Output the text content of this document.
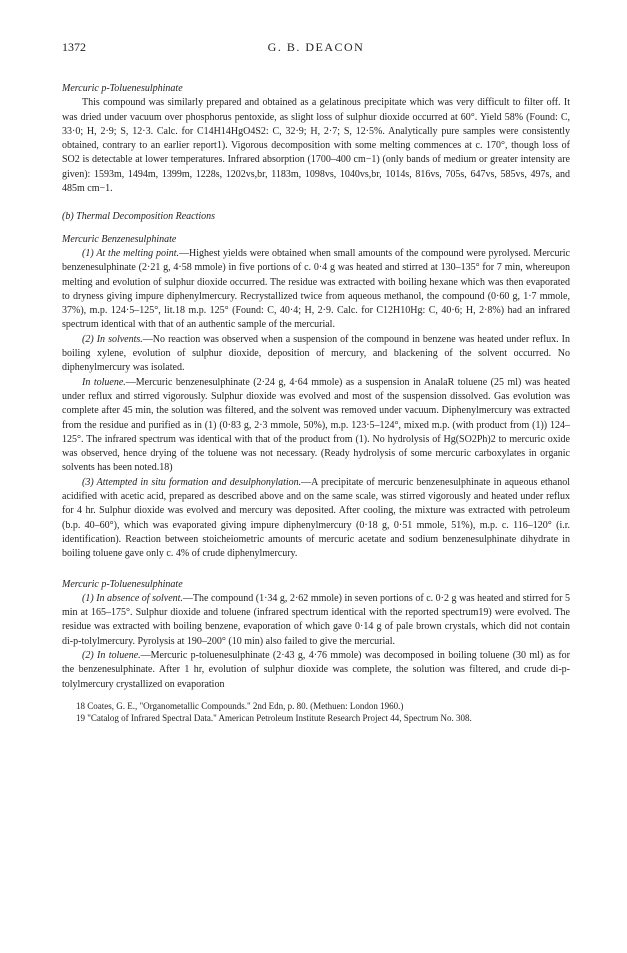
1372	G. B. DEACON

Mercuric p-Toluenesulphinate

This compound was similarly prepared and obtained as a gelatinous precipitate which was very difficult to filter off. It was dried under vacuum over phosphorus pentoxide, as slight loss of sulphur dioxide occurred at 60°. Yield 58% (Found: C, 33·0; H, 2·9; S, 12·3. Calc. for C14H14HgO4S2: C, 32·9; H, 2·7; S, 12·5%. Analytically pure samples were consistently obtained, contrary to an earlier report1). Vigorous decomposition with some melting commences at c. 170°, though loss of SO2 is detectable at lower temperatures. Infrared absorption (1700–400 cm−1) (only bands of medium or greater intensity are given): 1593m, 1494m, 1399m, 1228s, 1202vs,br, 1183m, 1098vs, 1040vs,br, 1014s, 816vs, 705s, 647vs, 585vs, 497s, and 485m cm−1.

(b) Thermal Decomposition Reactions

Mercuric Benzenesulphinate

(1) At the melting point.—Highest yields were obtained when small amounts of the compound were pyrolysed. Mercuric benzenesulphinate (2·21 g, 4·58 mmole) in five portions of c. 0·4 g was heated and stirred at 130–135° for 7 min, whereupon melting and evolution of sulphur dioxide occurred. The residue was extracted with boiling hexane which was then evaporated to dryness giving impure diphenylmercury. Recrystallized twice from aqueous methanol, the compound (0·60 g, 1·7 mmole, 37%), m.p. 124·5–125°, lit.18 m.p. 125° (Found: C, 40·4; H, 2·9. Calc. for C12H10Hg: C, 40·6; H, 2·8%) had an infrared spectrum identical with that of an authentic sample of the mercurial.

(2) In solvents.—No reaction was observed when a suspension of the compound in benzene was heated under reflux. In boiling xylene, evolution of sulphur dioxide, deposition of mercury, and blackening of the solvent occurred. No diphenylmercury was isolated.

In toluene.—Mercuric benzenesulphinate (2·24 g, 4·64 mmole) as a suspension in AnalaR toluene (25 ml) was heated under reflux and stirred vigorously. Sulphur dioxide was evolved and most of the suspension dissolved. Gas evolution was complete after 45 min, the solution was filtered, and the solvent was removed under vacuum. Diphenylmercury was extracted from the residue and purified as in (1) (0·83 g, 2·3 mmole, 50%), m.p. 123·5–124°, mixed m.p. (with product from (1)) 124–125°. The infrared spectrum was identical with that of the product from (1). No hydrolysis of Hg(SO2Ph)2 to mercuric oxide was observed, hence drying of the toluene was not necessary. (Ready hydrolysis of some mercuric carboxylates in organic solvents has been noted.18)

(3) Attempted in situ formation and desulphonylation.—A precipitate of mercuric benzenesulphinate in aqueous ethanol acidified with acetic acid, prepared as described above and on the same scale, was stirred vigorously and heated under reflux for 4 hr. Sulphur dioxide was evolved and mercury was deposited. After cooling, the mixture was extracted with petroleum (b.p. 40–60°), which was evaporated giving impure diphenylmercury (0·18 g, 0·51 mmole, 51%), m.p. c. 116–120° (i.r. identification). Reaction between stoicheiometric amounts of mercuric acetate and sodium benzenesulphinate dihydrate in boiling toluene gave only c. 4% of crude diphenylmercury.

Mercuric p-Toluenesulphinate

(1) In absence of solvent.—The compound (1·34 g, 2·62 mmole) in seven portions of c. 0·2 g was heated and stirred for 5 min at 165–175°. Sulphur dioxide and toluene (infrared spectrum identical with the reported spectrum19) were evolved. The residue was extracted with boiling benzene, evaporation of which gave 0·14 g of pale brown crystals, which did not contain di-p-tolylmercury. Pyrolysis at 190–200° (10 min) also failed to give the mercurial.

(2) In toluene.—Mercuric p-toluenesulphinate (2·43 g, 4·76 mmole) was decomposed in boiling toluene (30 ml) as for the benzenesulphinate. After 1 hr, evolution of sulphur dioxide was complete, the solution was filtered, and crude di-p-tolylmercury crystallized on evaporation

18 Coates, G. E., "Organometallic Compounds." 2nd Edn, p. 80. (Methuen: London 1960.)

19 "Catalog of Infrared Spectral Data." American Petroleum Institute Research Project 44, Spectrum No. 308.
